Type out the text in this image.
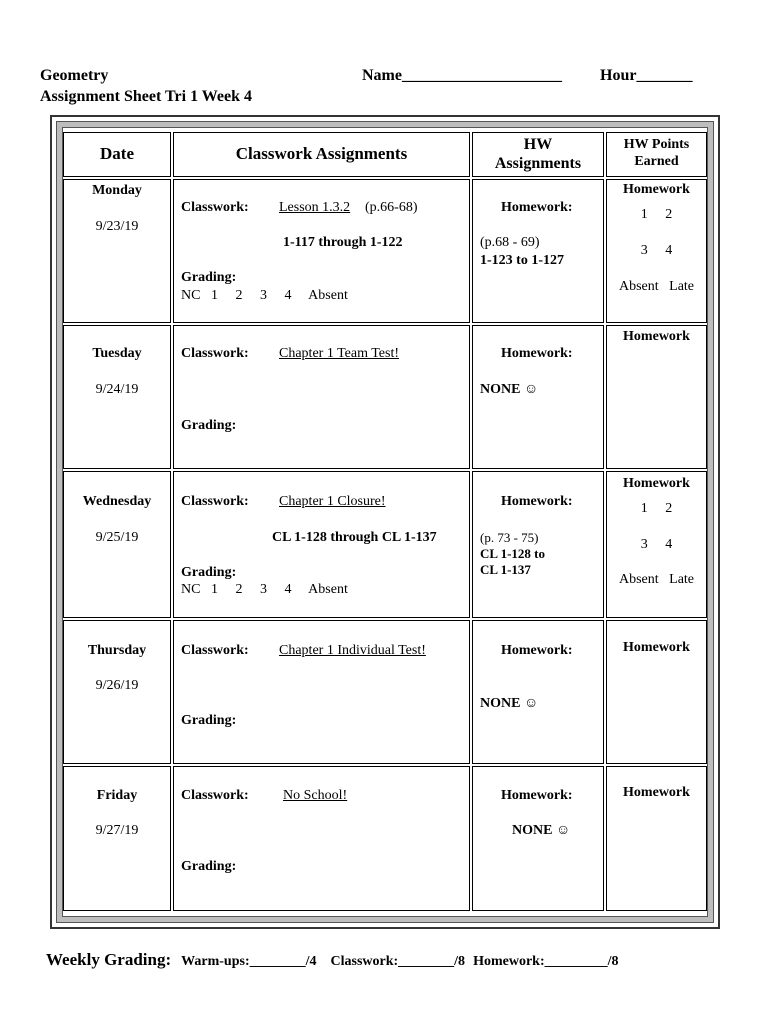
Geometry
Assignment Sheet Tri 1 Week 4
Name____________________ Hour_______
Date	Classwork Assignments	HW
Assignments
HW Points
Earned
Monday
9/23/19
Classwork: Lesson 1.3.2 (p.66-68)
1-117 through 1-122
Grading:
NC   1     2     3     4     Absent
Homework:
(p.68 - 69)
1-123 to 1-127
Homework
1     2
3     4
Absent   Late
Tuesday
9/24/19
Classwork: Chapter 1 Team Test!
Grading:
Homework:
NONE ☺
Homework
Wednesday
9/25/19
Classwork: Chapter 1 Closure!
CL 1-128 through CL 1-137
Grading:
NC   1     2     3     4     Absent
Homework:
(p. 73 - 75)
CL 1-128 to
CL 1-137
Homework
1     2
3     4
Absent   Late
Thursday
9/26/19
Classwork: Chapter 1 Individual Test!
Grading:
Homework:
NONE ☺
Homework
Friday
9/27/19
Classwork: No School!
Grading:
Homework:
NONE ☺
Homework
Weekly Grading: Warm-ups:________/4 Classwork:________/8 Homework:_________/8
